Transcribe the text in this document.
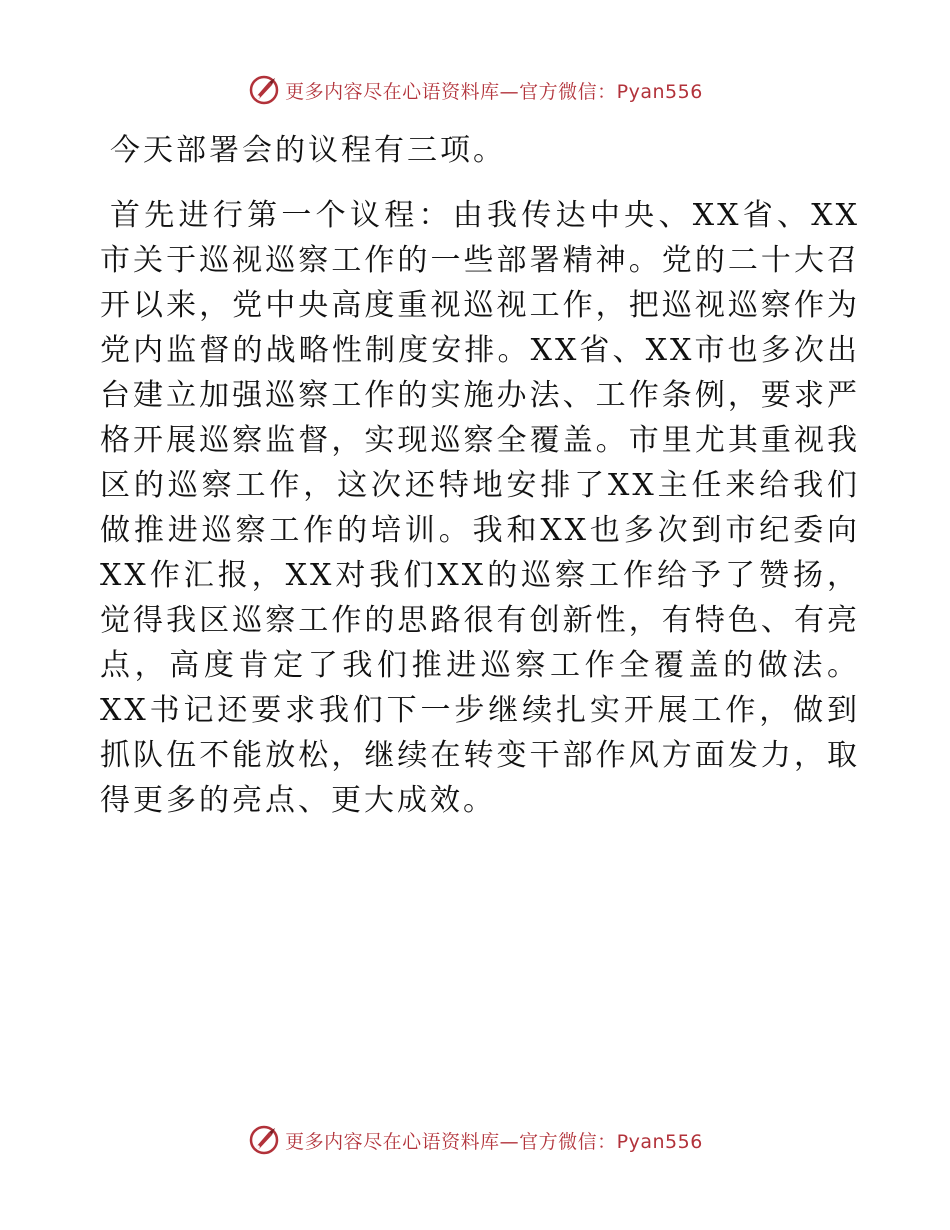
更多内容尽在心语资料库—官方微信：Pyan556

今天部署会的议程有三项。

首先进行第一个议程：由我传达中央、XX省、XX市关于巡视巡察工作的一些部署精神。党的二十大召开以来，党中央高度重视巡视工作，把巡视巡察作为党内监督的战略性制度安排。XX省、XX市也多次出台建立加强巡察工作的实施办法、工作条例，要求严格开展巡察监督，实现巡察全覆盖。市里尤其重视我区的巡察工作，这次还特地安排了XX主任来给我们做推进巡察工作的培训。我和XX也多次到市纪委向XX作汇报，XX对我们XX的巡察工作给予了赞扬，觉得我区巡察工作的思路很有创新性，有特色、有亮点，高度肯定了我们推进巡察工作全覆盖的做法。XX书记还要求我们下一步继续扎实开展工作，做到抓队伍不能放松，继续在转变干部作风方面发力，取得更多的亮点、更大成效。

更多内容尽在心语资料库—官方微信：Pyan556
